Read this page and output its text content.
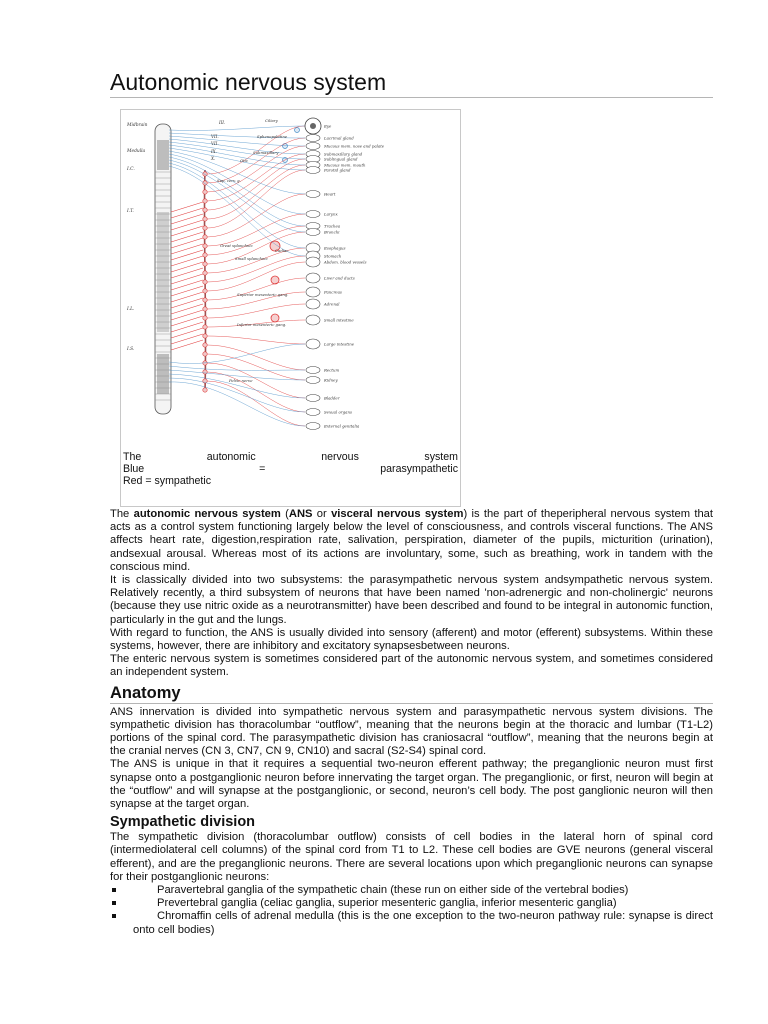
Autonomic nervous system
Midbrain
Medulla
I.C.
I.T.
I.L.
I.S.
III.
VII.
VII.
IX.
X.
Ciliary
Sphenopalatine
Submaxillary
Otic
Sup. cerv. g.
Great splanchnic
Cœliac
Small splanchnic
Superior mesenteric gang.
Inferior mesenteric gang.
Pelvic nerve
Eye
Lacrimal gland
Mucous mem. nose and palate
Submaxillary gland
Sublingual gland
Mucous mem. mouth
Parotid gland
Heart
Larynx
Trachea
Bronchi
Esophagus
Stomach
Abdom. blood vessels
Liver and ducts
Pancreas
Adrenal
Small intestine
Large intestine
Rectum
Kidney
Bladder
Sexual organs
External genitalia
The	autonomic	nervous	system
Blue	=	parasympathetic
Red = sympathetic

The autonomic nervous system (ANS or visceral nervous system) is the part of theperipheral nervous system that acts as a control system functioning largely below the level of consciousness, and controls visceral functions. The ANS affects heart rate, digestion,respiration rate, salivation, perspiration, diameter of the pupils, micturition (urination), andsexual arousal. Whereas most of its actions are involuntary, some, such as breathing, work in tandem with the conscious mind.

It is classically divided into two subsystems: the parasympathetic nervous system andsympathetic nervous system. Relatively recently, a third subsystem of neurons that have been named 'non-adrenergic and non-cholinergic' neurons (because they use nitric oxide as a neurotransmitter) have been described and found to be integral in autonomic function, particularly in the gut and the lungs.

With regard to function, the ANS is usually divided into sensory (afferent) and motor (efferent) subsystems. Within these systems, however, there are inhibitory and excitatory synapsesbetween neurons.

The enteric nervous system is sometimes considered part of the autonomic nervous system, and sometimes considered an independent system.

Anatomy

ANS innervation is divided into sympathetic nervous system and parasympathetic nervous system divisions. The sympathetic division has thoracolumbar “outflow”, meaning that the neurons begin at the thoracic and lumbar (T1-L2) portions of the spinal cord. The parasympathetic division has craniosacral “outflow”, meaning that the neurons begin at the cranial nerves (CN 3, CN7, CN 9, CN10) and sacral (S2-S4) spinal cord.

The ANS is unique in that it requires a sequential two-neuron efferent pathway; the preganglionic neuron must first synapse onto a postganglionic neuron before innervating the target organ. The preganglionic, or first, neuron will begin at the “outflow” and will synapse at the postganglionic, or second, neuron’s cell body. The post ganglionic neuron will then synapse at the target organ.

Sympathetic division

The sympathetic division (thoracolumbar outflow) consists of cell bodies in the lateral horn of spinal cord (intermediolateral cell columns) of the spinal cord from T1 to L2. These cell bodies are GVE neurons (general visceral efferent), and are the preganglionic neurons. There are several locations upon which preganglionic neurons can synapse for their postganglionic neurons:

Paravertebral ganglia of the sympathetic chain (these run on either side of the vertebral bodies)
Prevertebral ganglia (celiac ganglia, superior mesenteric ganglia, inferior mesenteric ganglia)
Chromaffin cells of adrenal medulla (this is the one exception to the two-neuron pathway rule: synapse is direct onto cell bodies)
